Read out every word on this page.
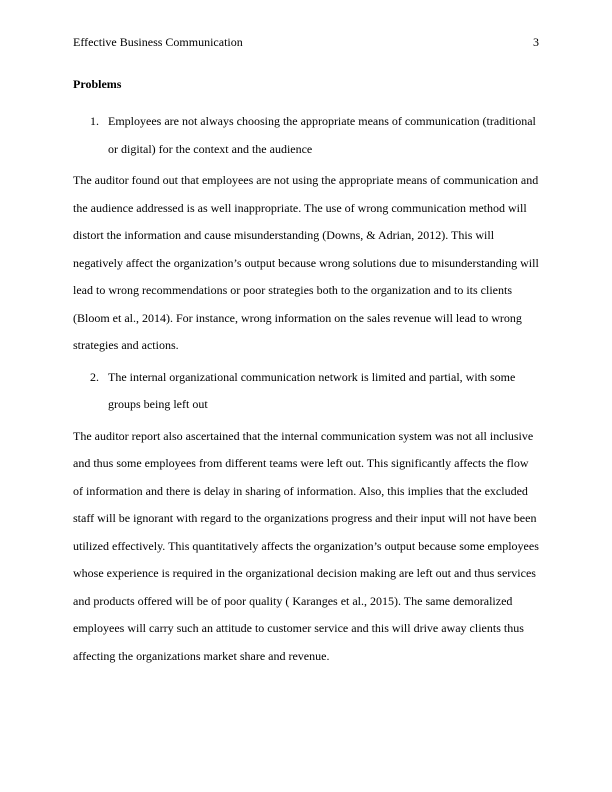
Effective Business Communication	3
Problems
1. Employees are not always choosing the appropriate means of communication (traditional or digital) for the context and the audience

The auditor found out that employees are not using the appropriate means of communication and the audience addressed is as well inappropriate. The use of wrong communication method will distort the information and cause misunderstanding (Downs, & Adrian, 2012). This will negatively affect the organization’s output because wrong solutions due to misunderstanding will lead to wrong recommendations or poor strategies both to the organization and to its clients (Bloom et al., 2014). For instance, wrong information on the sales revenue will lead to wrong strategies and actions.

2. The internal organizational communication network is limited and partial, with some groups being left out

The auditor report also ascertained that the internal communication system was not all inclusive and thus some employees from different teams were left out. This significantly affects the flow of information and there is delay in sharing of information. Also, this implies that the excluded staff will be ignorant with regard to the organizations progress and their input will not have been utilized effectively. This quantitatively affects the organization’s output because some employees whose experience is required in the organizational decision making are left out and thus services and products offered will be of poor quality ( Karanges et al., 2015). The same demoralized employees will carry such an attitude to customer service and this will drive away clients thus affecting the organizations market share and revenue.
